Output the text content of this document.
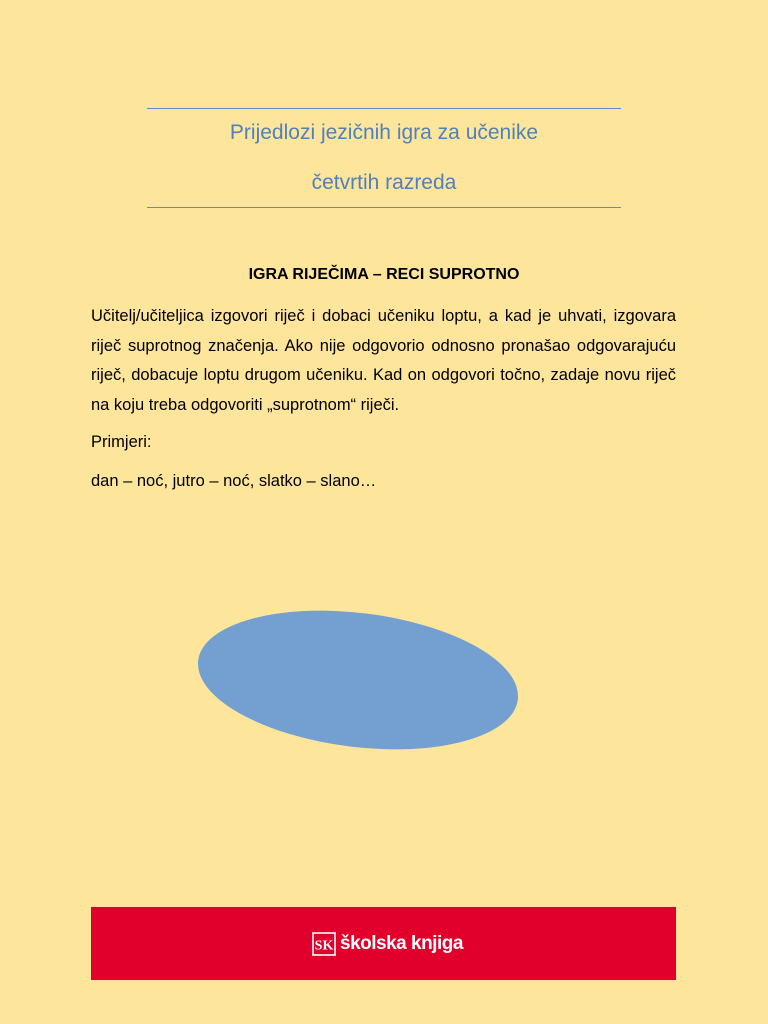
Prijedlozi jezičnih igra za učenike
četvrtih razreda
IGRA RIJEČIMA – RECI SUPROTNO

Učitelj/učiteljica izgovori riječ i dobaci učeniku loptu, a kad je uhvati, izgovara riječ suprotnog značenja. Ako nije odgovorio odnosno pronašao odgovarajuću riječ, dobacuje loptu drugom učeniku. Kad on odgovori točno, zadaje novu riječ na koju treba odgovoriti „suprotnom“ riječi.

Primjeri:
dan – noć, jutro – noć, slatko – slano…
SK školska knjiga
